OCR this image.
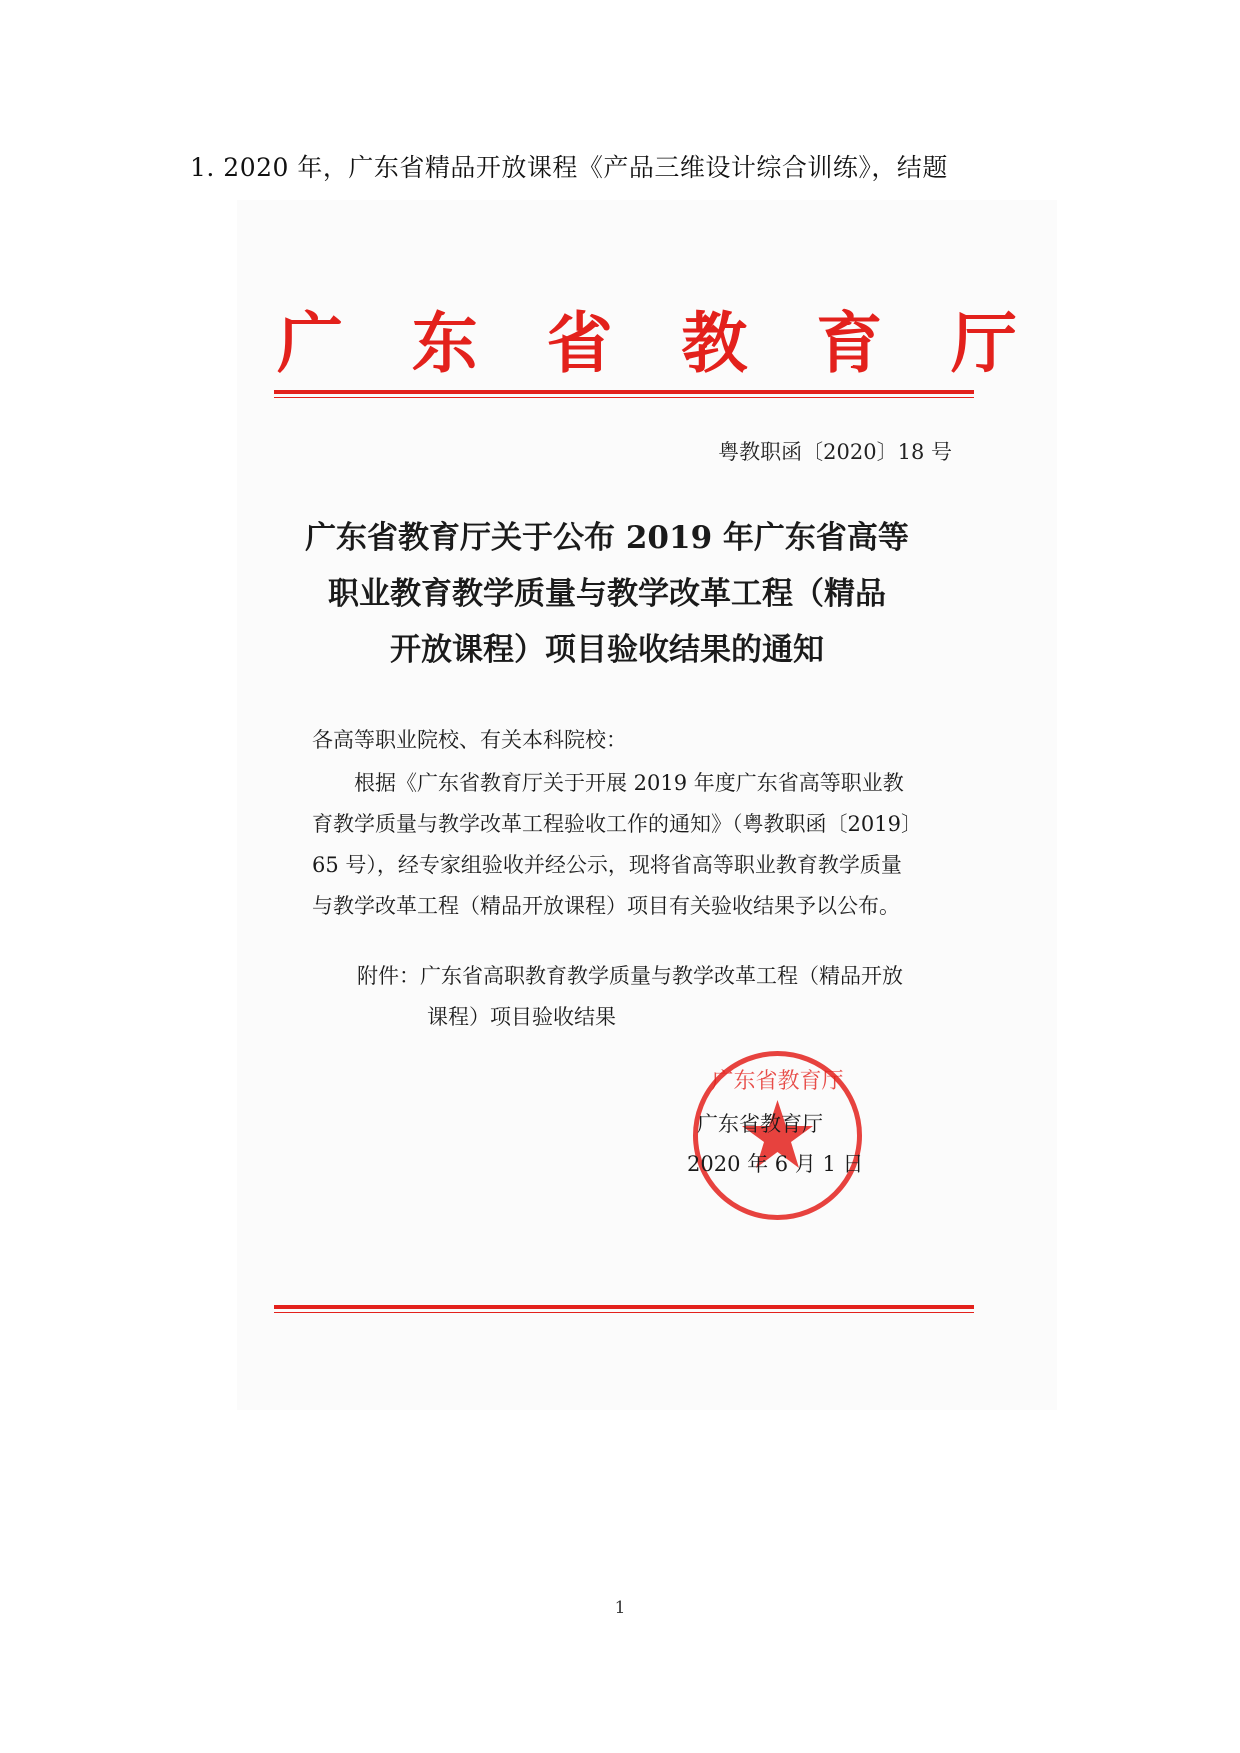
1. 2020 年，广东省精品开放课程《产品三维设计综合训练》，结题
广 东 省 教 育 厅
粤教职函〔2020〕18 号
广东省教育厅关于公布 2019 年广东省高等
职业教育教学质量与教学改革工程（精品
开放课程）项目验收结果的通知
各高等职业院校、有关本科院校：
　　根据《广东省教育厅关于开展 2019 年度广东省高等职业教
育教学质量与教学改革工程验收工作的通知》（粤教职函〔2019〕
65 号），经专家组验收并经公示，现将省高等职业教育教学质量
与教学改革工程（精品开放课程）项目有关验收结果予以公布。
附件：广东省高职教育教学质量与教学改革工程（精品开放
课程）项目验收结果
广东省教育厅
广东省教育厅
2020 年 6 月 1 日
1
